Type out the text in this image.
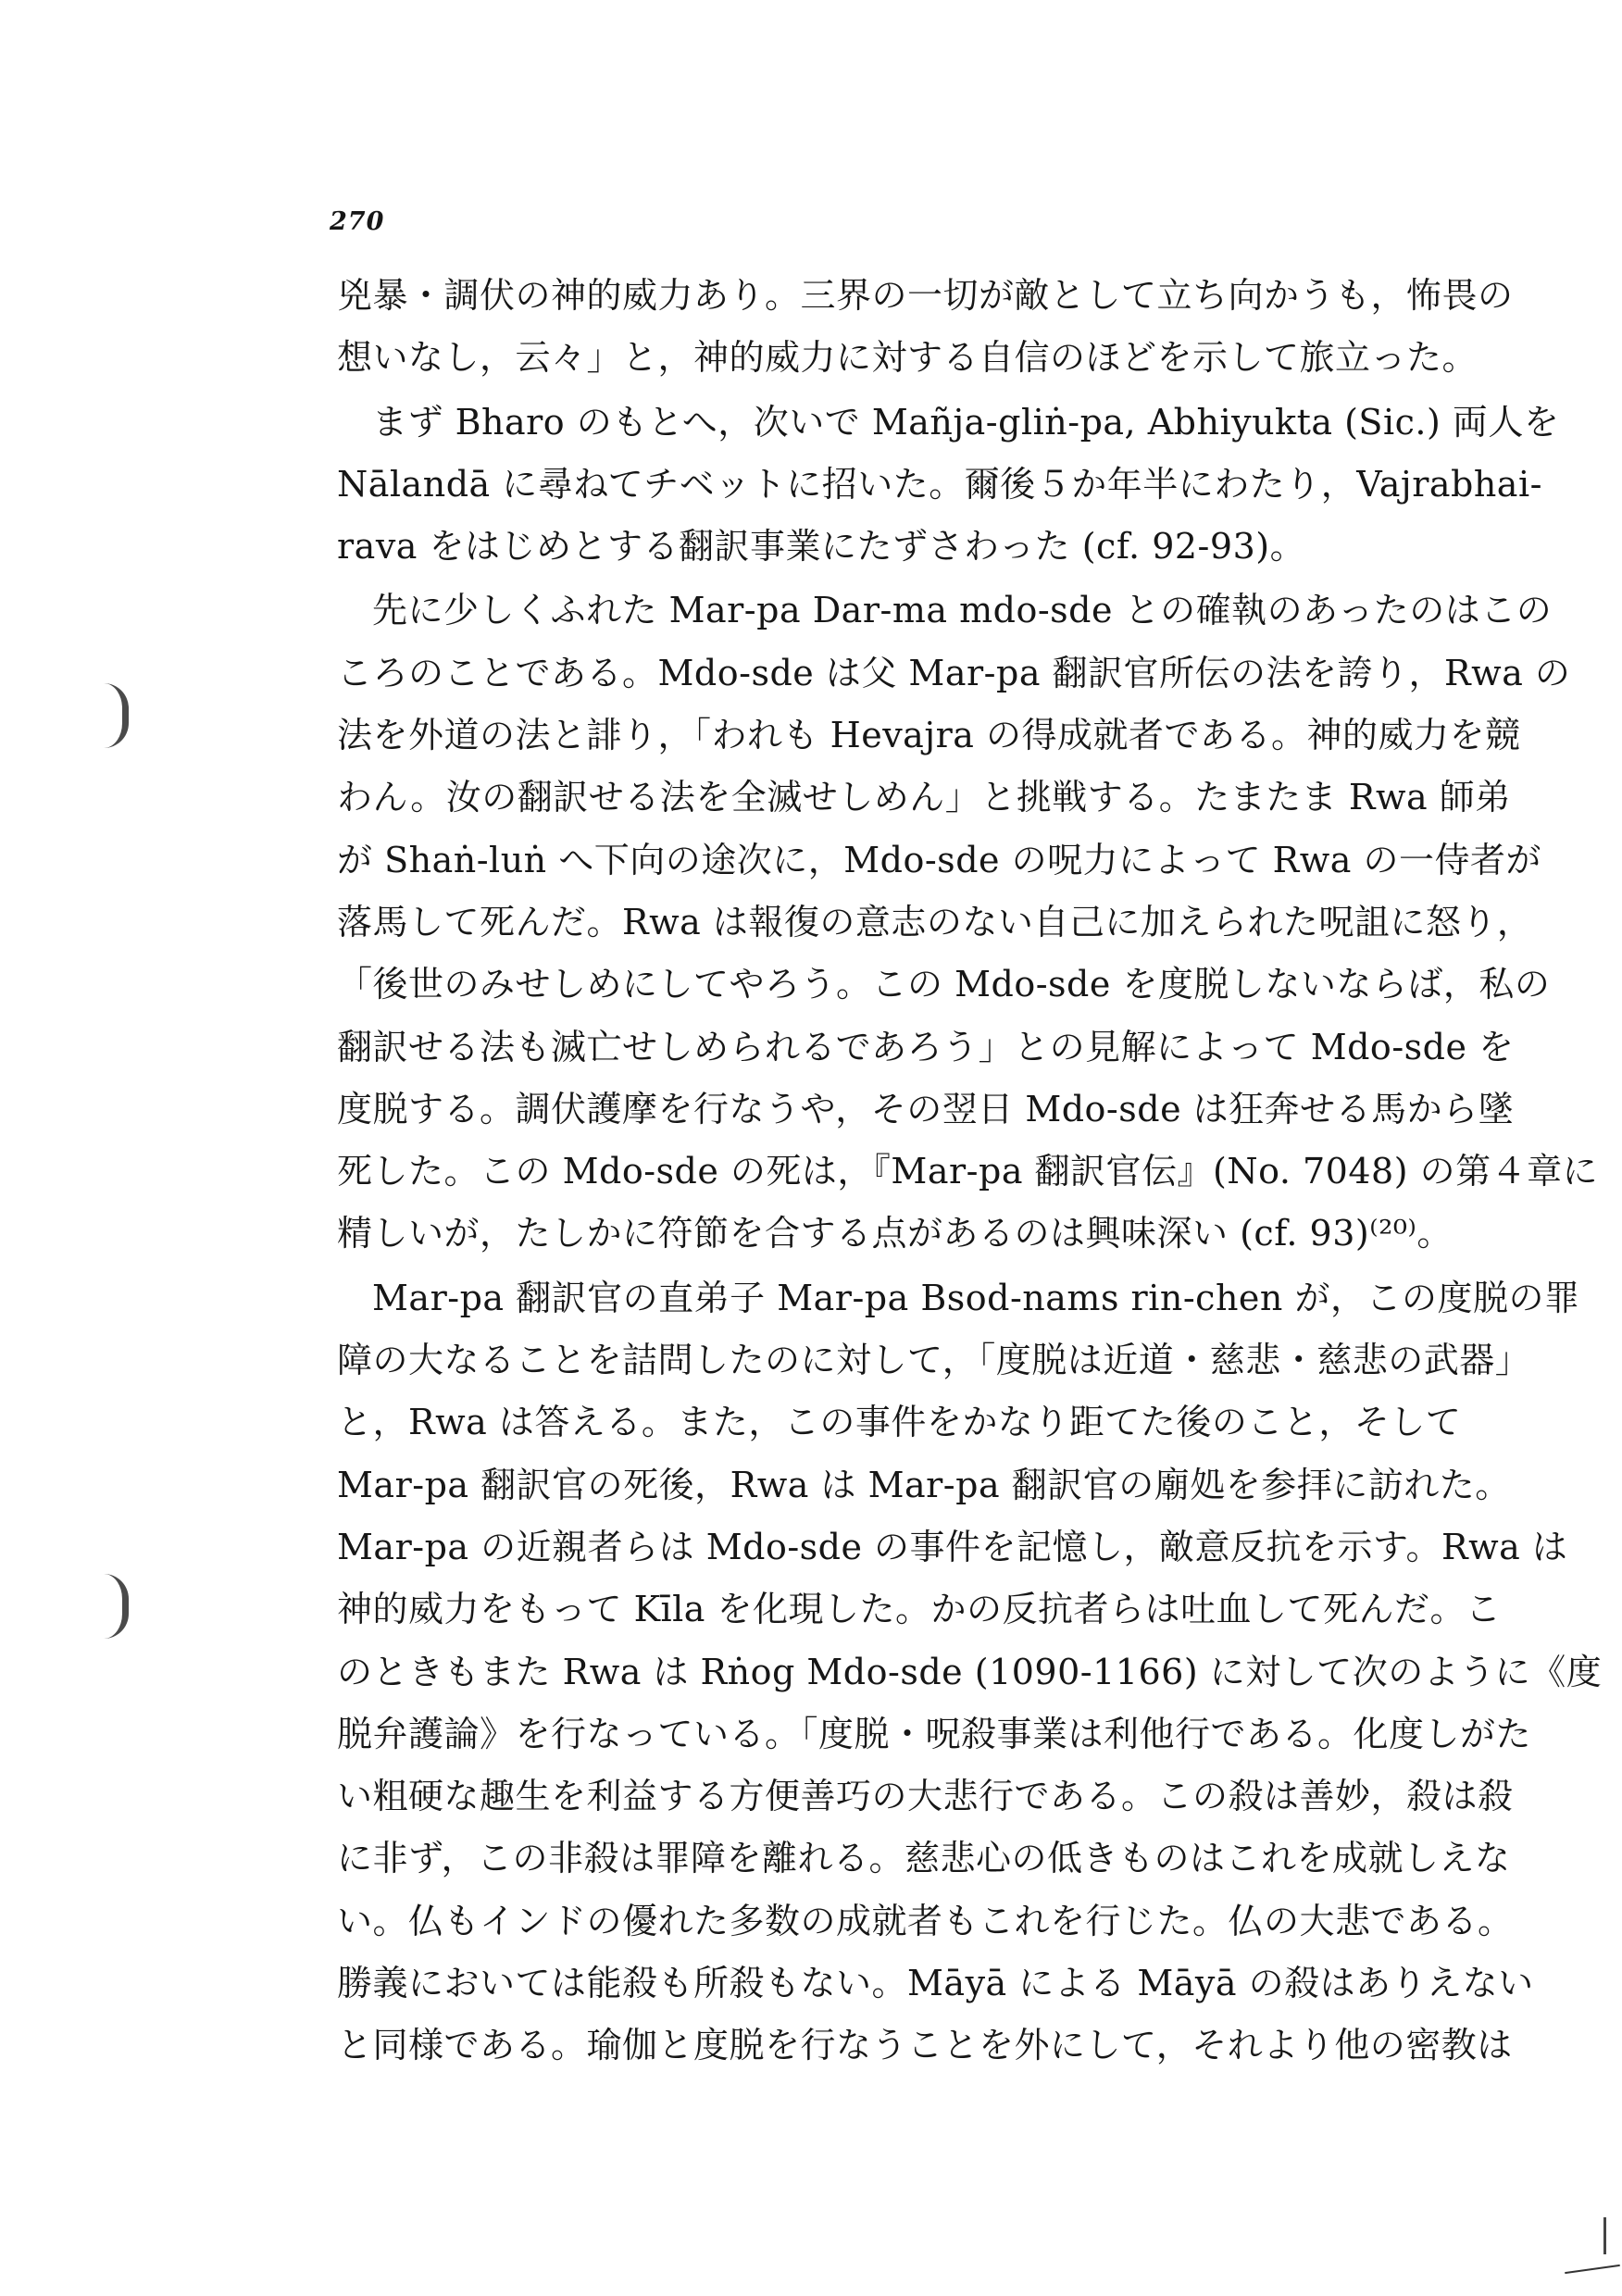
270
兇暴・調伏の神的威力あり。三界の一切が敵として立ち向かうも，怖畏の
想いなし，云々」と，神的威力に対する自信のほどを示して旅立った。
まず Bharo のもとへ，次いで Mañja-gliṅ-pa, Abhiyukta (Sic.) 両人を
Nālandā に尋ねてチベットに招いた。爾後５か年半にわたり，Vajrabhai-
rava をはじめとする翻訳事業にたずさわった (cf. 92-93)。
先に少しくふれた Mar-pa Dar-ma mdo-sde との確執のあったのはこの
ころのことである。Mdo-sde は父 Mar-pa 翻訳官所伝の法を誇り，Rwa の
法を外道の法と誹り，「われも Hevajra の得成就者である。神的威力を競
わん。汝の翻訳せる法を全滅せしめん」と挑戦する。たまたま Rwa 師弟
が Shaṅ-luṅ へ下向の途次に，Mdo-sde の呪力によって Rwa の一侍者が
落馬して死んだ。Rwa は報復の意志のない自己に加えられた呪詛に怒り，
「後世のみせしめにしてやろう。この Mdo-sde を度脱しないならば，私の
翻訳せる法も滅亡せしめられるであろう」との見解によって Mdo-sde を
度脱する。調伏護摩を行なうや，その翌日 Mdo-sde は狂奔せる馬から墜
死した。この Mdo-sde の死は，『Mar-pa 翻訳官伝』(No. 7048) の第４章に
精しいが，たしかに符節を合する点があるのは興味深い (cf. 93)⁽²⁰⁾。
Mar-pa 翻訳官の直弟子 Mar-pa Bsod-nams rin-chen が，この度脱の罪
障の大なることを詰問したのに対して，「度脱は近道・慈悲・慈悲の武器」
と，Rwa は答える。また，この事件をかなり距てた後のこと，そして
Mar-pa 翻訳官の死後，Rwa は Mar-pa 翻訳官の廟処を参拝に訪れた。
Mar-pa の近親者らは Mdo-sde の事件を記憶し，敵意反抗を示す。Rwa は
神的威力をもって Kīla を化現した。かの反抗者らは吐血して死んだ。こ
のときもまた Rwa は Rṅog Mdo-sde (1090-1166) に対して次のように《度
脱弁護論》を行なっている。「度脱・呪殺事業は利他行である。化度しがた
い粗硬な趣生を利益する方便善巧の大悲行である。この殺は善妙，殺は殺
に非ず，この非殺は罪障を離れる。慈悲心の低きものはこれを成就しえな
い。仏もインドの優れた多数の成就者もこれを行じた。仏の大悲である。
勝義においては能殺も所殺もない。Māyā による Māyā の殺はありえない
と同様である。瑜伽と度脱を行なうことを外にして，それより他の密教は
